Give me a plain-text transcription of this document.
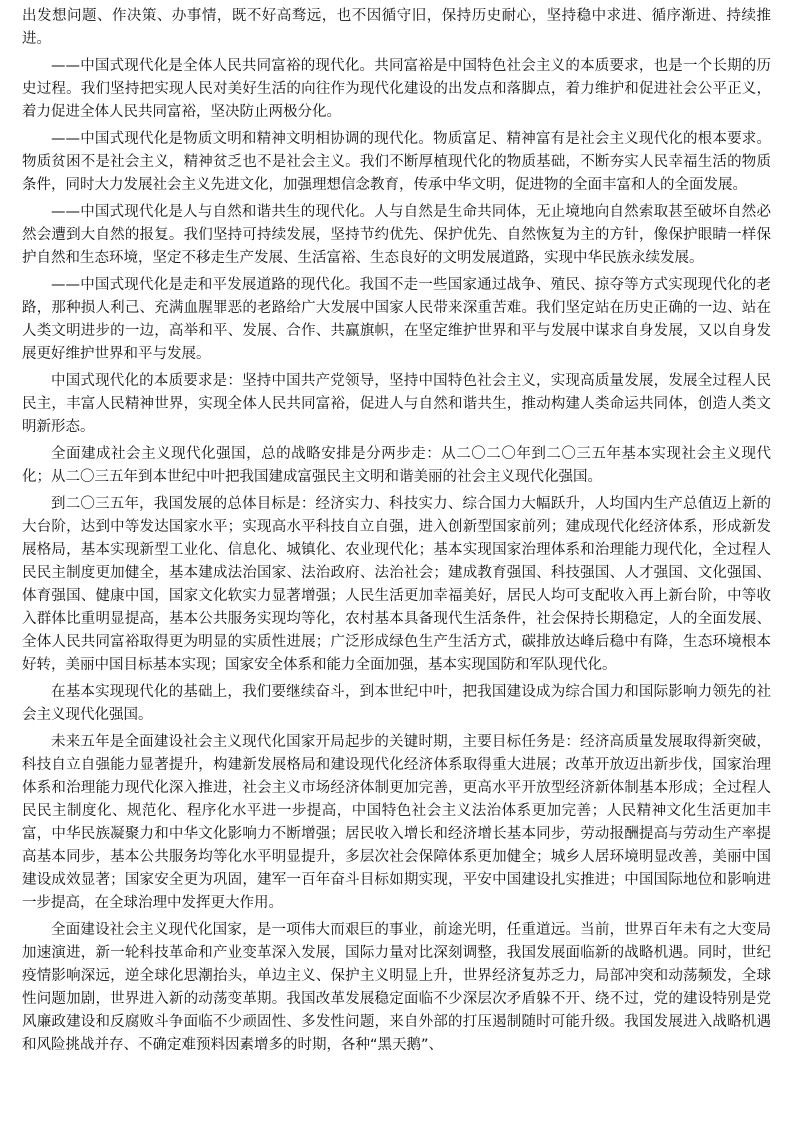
出发想问题、作决策、办事情，既不好高骛远，也不因循守旧，保持历史耐心，坚持稳中求进、循序渐进、持续推进。

——中国式现代化是全体人民共同富裕的现代化。共同富裕是中国特色社会主义的本质要求，也是一个长期的历史过程。我们坚持把实现人民对美好生活的向往作为现代化建设的出发点和落脚点，着力维护和促进社会公平正义，着力促进全体人民共同富裕，坚决防止两极分化。

——中国式现代化是物质文明和精神文明相协调的现代化。物质富足、精神富有是社会主义现代化的根本要求。物质贫困不是社会主义，精神贫乏也不是社会主义。我们不断厚植现代化的物质基础，不断夯实人民幸福生活的物质条件，同时大力发展社会主义先进文化，加强理想信念教育，传承中华文明，促进物的全面丰富和人的全面发展。

——中国式现代化是人与自然和谐共生的现代化。人与自然是生命共同体，无止境地向自然索取甚至破坏自然必然会遭到大自然的报复。我们坚持可持续发展，坚持节约优先、保护优先、自然恢复为主的方针，像保护眼睛一样保护自然和生态环境，坚定不移走生产发展、生活富裕、生态良好的文明发展道路，实现中华民族永续发展。

——中国式现代化是走和平发展道路的现代化。我国不走一些国家通过战争、殖民、掠夺等方式实现现代化的老路，那种损人利己、充满血腥罪恶的老路给广大发展中国家人民带来深重苦难。我们坚定站在历史正确的一边、站在人类文明进步的一边，高举和平、发展、合作、共赢旗帜，在坚定维护世界和平与发展中谋求自身发展，又以自身发展更好维护世界和平与发展。

中国式现代化的本质要求是：坚持中国共产党领导，坚持中国特色社会主义，实现高质量发展，发展全过程人民民主，丰富人民精神世界，实现全体人民共同富裕，促进人与自然和谐共生，推动构建人类命运共同体，创造人类文明新形态。

全面建成社会主义现代化强国，总的战略安排是分两步走：从二〇二〇年到二〇三五年基本实现社会主义现代化；从二〇三五年到本世纪中叶把我国建成富强民主文明和谐美丽的社会主义现代化强国。

到二〇三五年，我国发展的总体目标是：经济实力、科技实力、综合国力大幅跃升，人均国内生产总值迈上新的大台阶，达到中等发达国家水平；实现高水平科技自立自强，进入创新型国家前列；建成现代化经济体系，形成新发展格局，基本实现新型工业化、信息化、城镇化、农业现代化；基本实现国家治理体系和治理能力现代化，全过程人民民主制度更加健全，基本建成法治国家、法治政府、法治社会；建成教育强国、科技强国、人才强国、文化强国、体育强国、健康中国，国家文化软实力显著增强；人民生活更加幸福美好，居民人均可支配收入再上新台阶，中等收入群体比重明显提高，基本公共服务实现均等化，农村基本具备现代生活条件，社会保持长期稳定，人的全面发展、全体人民共同富裕取得更为明显的实质性进展；广泛形成绿色生产生活方式，碳排放达峰后稳中有降，生态环境根本好转，美丽中国目标基本实现；国家安全体系和能力全面加强，基本实现国防和军队现代化。

在基本实现现代化的基础上，我们要继续奋斗，到本世纪中叶，把我国建设成为综合国力和国际影响力领先的社会主义现代化强国。

未来五年是全面建设社会主义现代化国家开局起步的关键时期，主要目标任务是：经济高质量发展取得新突破，科技自立自强能力显著提升，构建新发展格局和建设现代化经济体系取得重大进展；改革开放迈出新步伐，国家治理体系和治理能力现代化深入推进，社会主义市场经济体制更加完善，更高水平开放型经济新体制基本形成；全过程人民民主制度化、规范化、程序化水平进一步提高，中国特色社会主义法治体系更加完善；人民精神文化生活更加丰富，中华民族凝聚力和中华文化影响力不断增强；居民收入增长和经济增长基本同步，劳动报酬提高与劳动生产率提高基本同步，基本公共服务均等化水平明显提升，多层次社会保障体系更加健全；城乡人居环境明显改善，美丽中国建设成效显著；国家安全更为巩固，建军一百年奋斗目标如期实现，平安中国建设扎实推进；中国国际地位和影响进一步提高，在全球治理中发挥更大作用。

全面建设社会主义现代化国家，是一项伟大而艰巨的事业，前途光明，任重道远。当前，世界百年未有之大变局加速演进，新一轮科技革命和产业变革深入发展，国际力量对比深刻调整，我国发展面临新的战略机遇。同时，世纪疫情影响深远，逆全球化思潮抬头，单边主义、保护主义明显上升，世界经济复苏乏力，局部冲突和动荡频发，全球性问题加剧，世界进入新的动荡变革期。我国改革发展稳定面临不少深层次矛盾躲不开、绕不过，党的建设特别是党风廉政建设和反腐败斗争面临不少顽固性、多发性问题，来自外部的打压遏制随时可能升级。我国发展进入战略机遇和风险挑战并存、不确定难预料因素增多的时期，各种“黑天鹅”、
